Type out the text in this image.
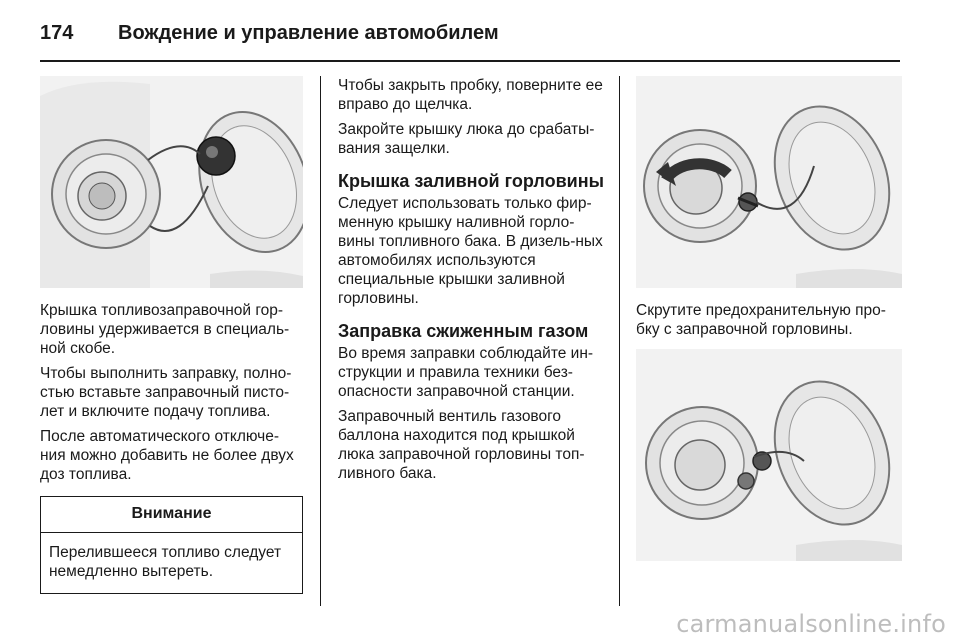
174	Вождение и управление автомобилем

Крышка топливозаправочной гор-ловины удерживается в специаль-ной скобе.

Чтобы выполнить заправку, полно-стью вставьте заправочный писто-лет и включите подачу топлива.

После автоматического отключе-ния можно добавить не более двух доз топлива.

Внимание
Перелившееся топливо следует немедленно вытереть.

Чтобы закрыть пробку, поверните ее вправо до щелчка.

Закройте крышку люка до срабаты-вания защелки.

Крышка заливной горловины

Следует использовать только фир-менную крышку наливной горло-вины топливного бака. В дизель-ных автомобилях используются специальные крышки заливной горловины.

Заправка сжиженным газом

Во время заправки соблюдайте ин-струкции и правила техники без-опасности заправочной станции.

Заправочный вентиль газового баллона находится под крышкой люка заправочной горловины топ-ливного бака.

Скрутите предохранительную про-бку с заправочной горловины.

carmanualsonline.info
